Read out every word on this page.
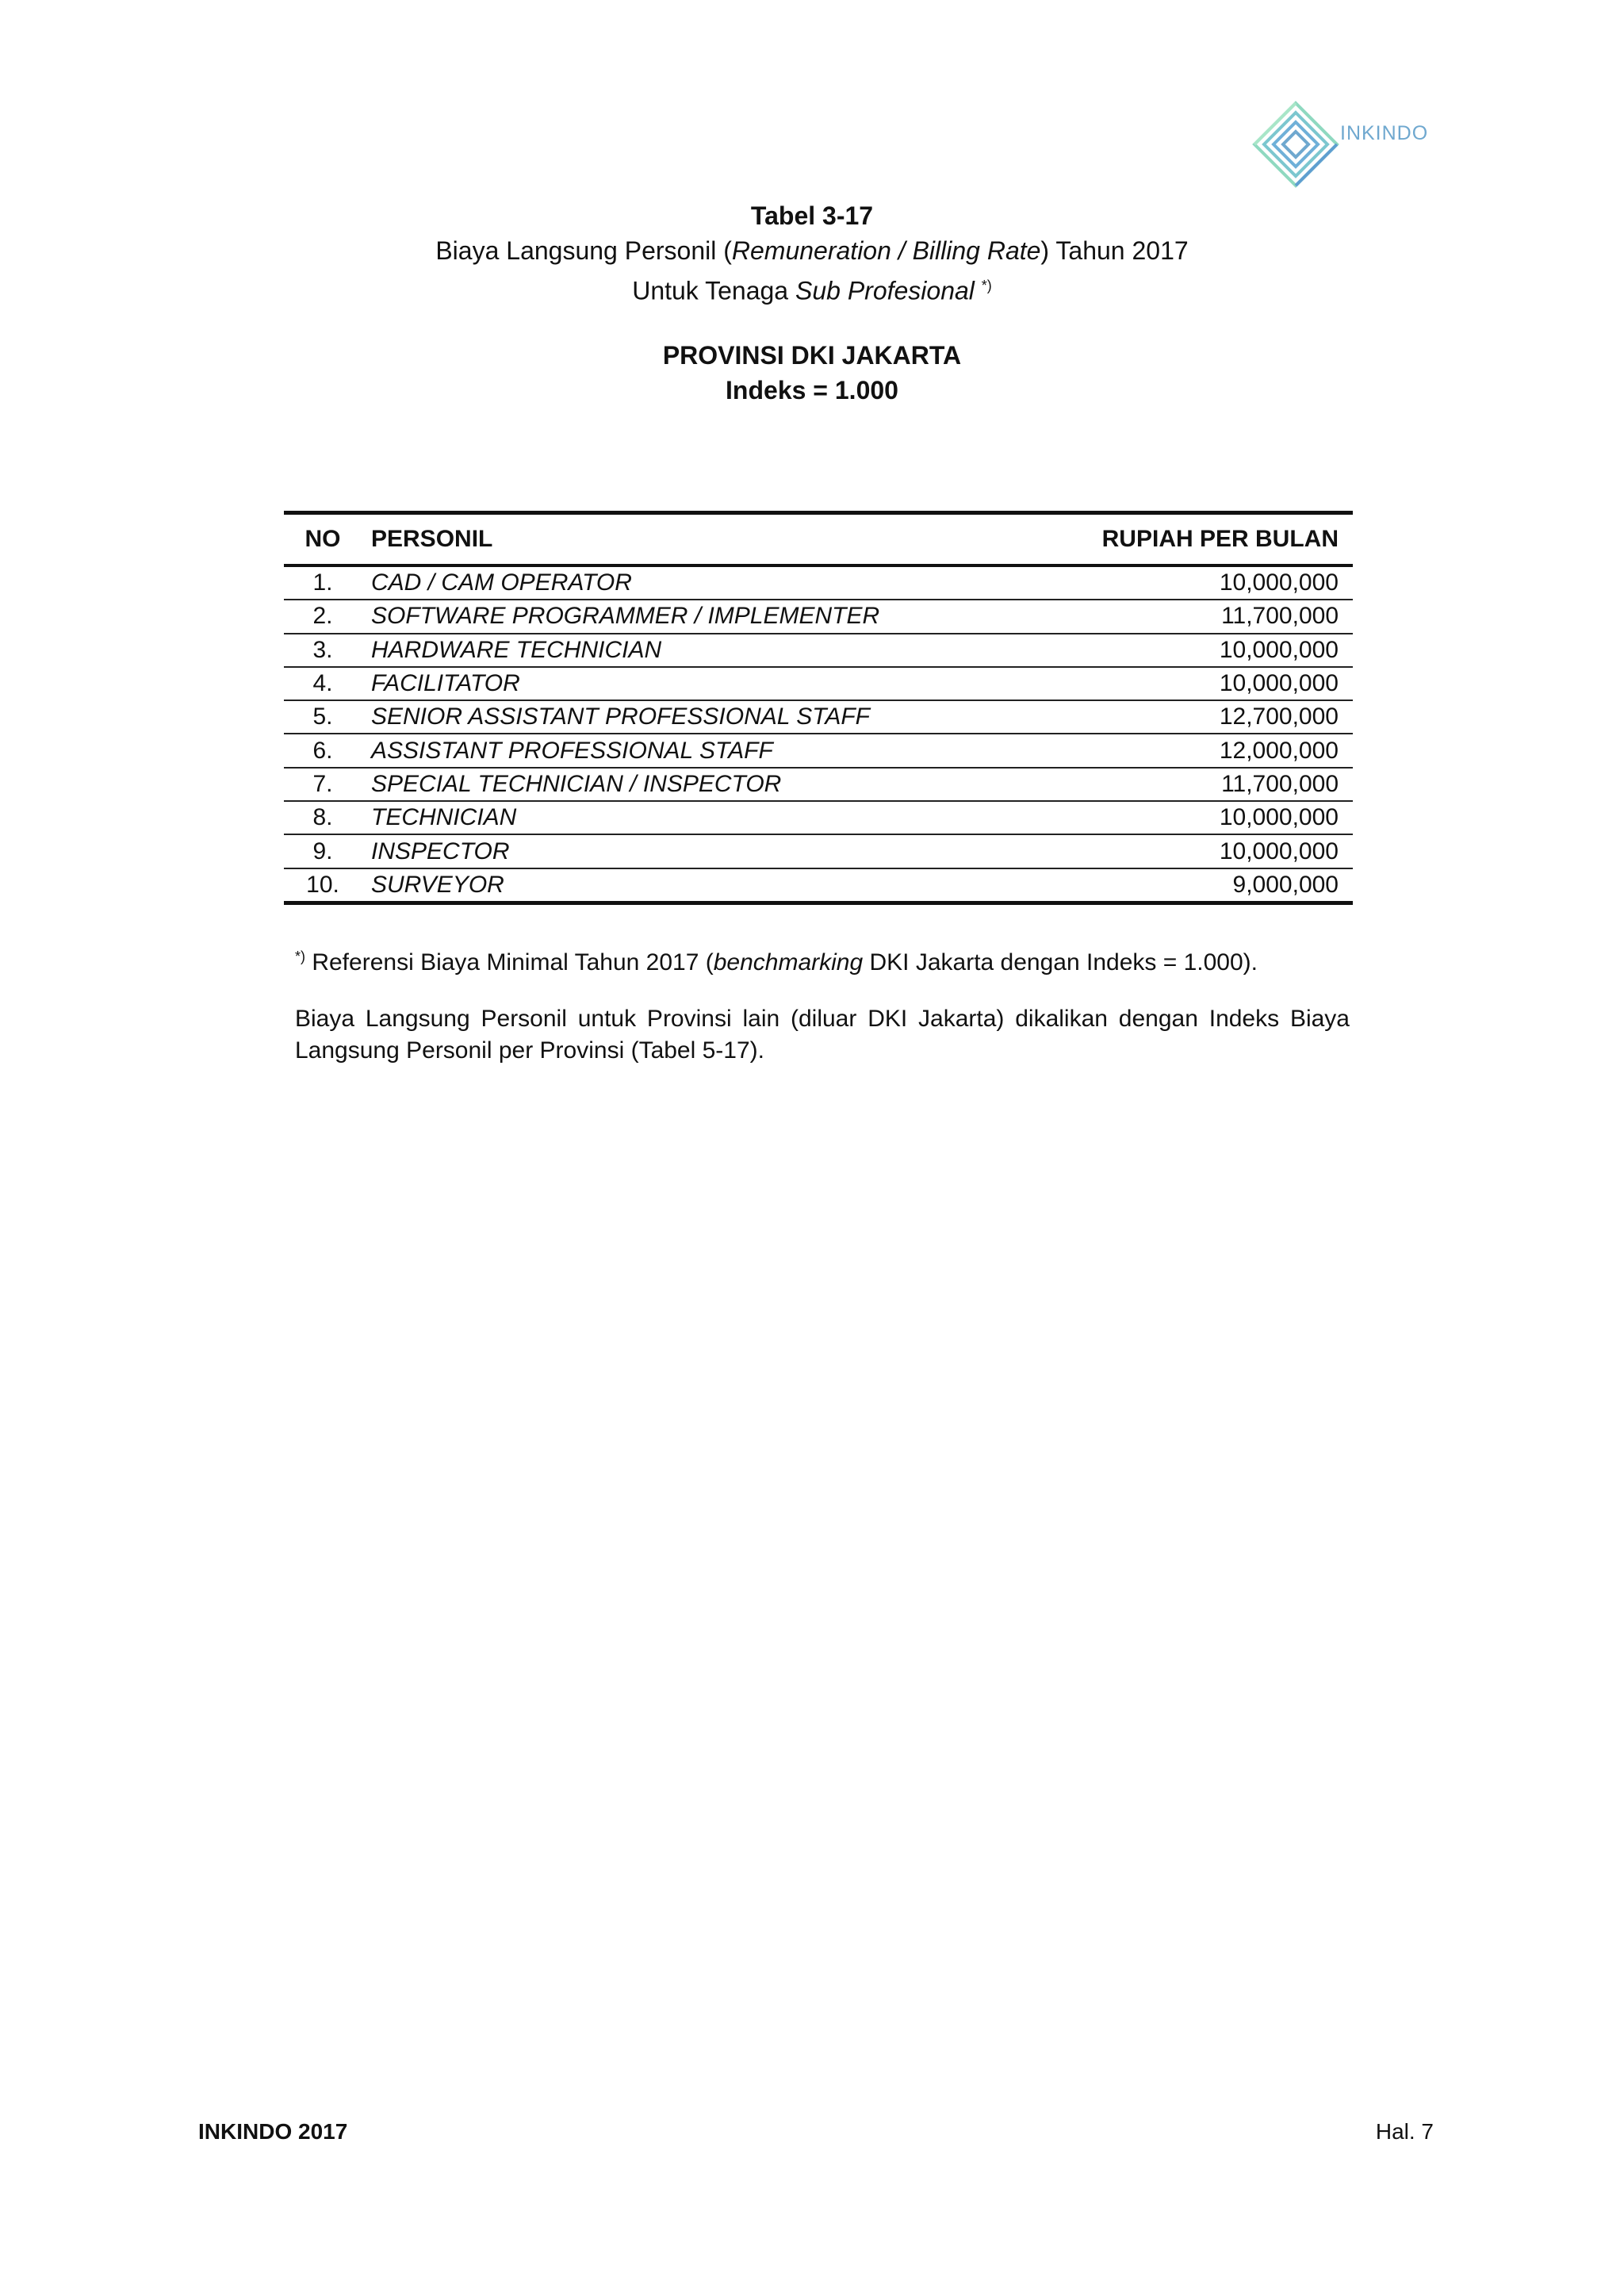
INKINDO
Tabel 3-17
Biaya Langsung Personil (Remuneration / Billing Rate) Tahun 2017
Untuk Tenaga Sub Profesional *)
PROVINSI DKI JAKARTA
Indeks = 1.000
NO	PERSONIL	RUPIAH PER BULAN
1.	CAD / CAM OPERATOR	10,000,000
2.	SOFTWARE PROGRAMMER / IMPLEMENTER	11,700,000
3.	HARDWARE TECHNICIAN	10,000,000
4.	FACILITATOR	10,000,000
5.	SENIOR ASSISTANT PROFESSIONAL STAFF	12,700,000
6.	ASSISTANT PROFESSIONAL STAFF	12,000,000
7.	SPECIAL TECHNICIAN / INSPECTOR	11,700,000
8.	TECHNICIAN	10,000,000
9.	INSPECTOR	10,000,000
10.	SURVEYOR	9,000,000
*) Referensi Biaya Minimal Tahun 2017 (benchmarking DKI Jakarta dengan Indeks = 1.000).
Biaya Langsung Personil untuk Provinsi lain (diluar DKI Jakarta) dikalikan dengan Indeks Biaya Langsung Personil per Provinsi (Tabel 5-17).
INKINDO 2017	Hal. 7
